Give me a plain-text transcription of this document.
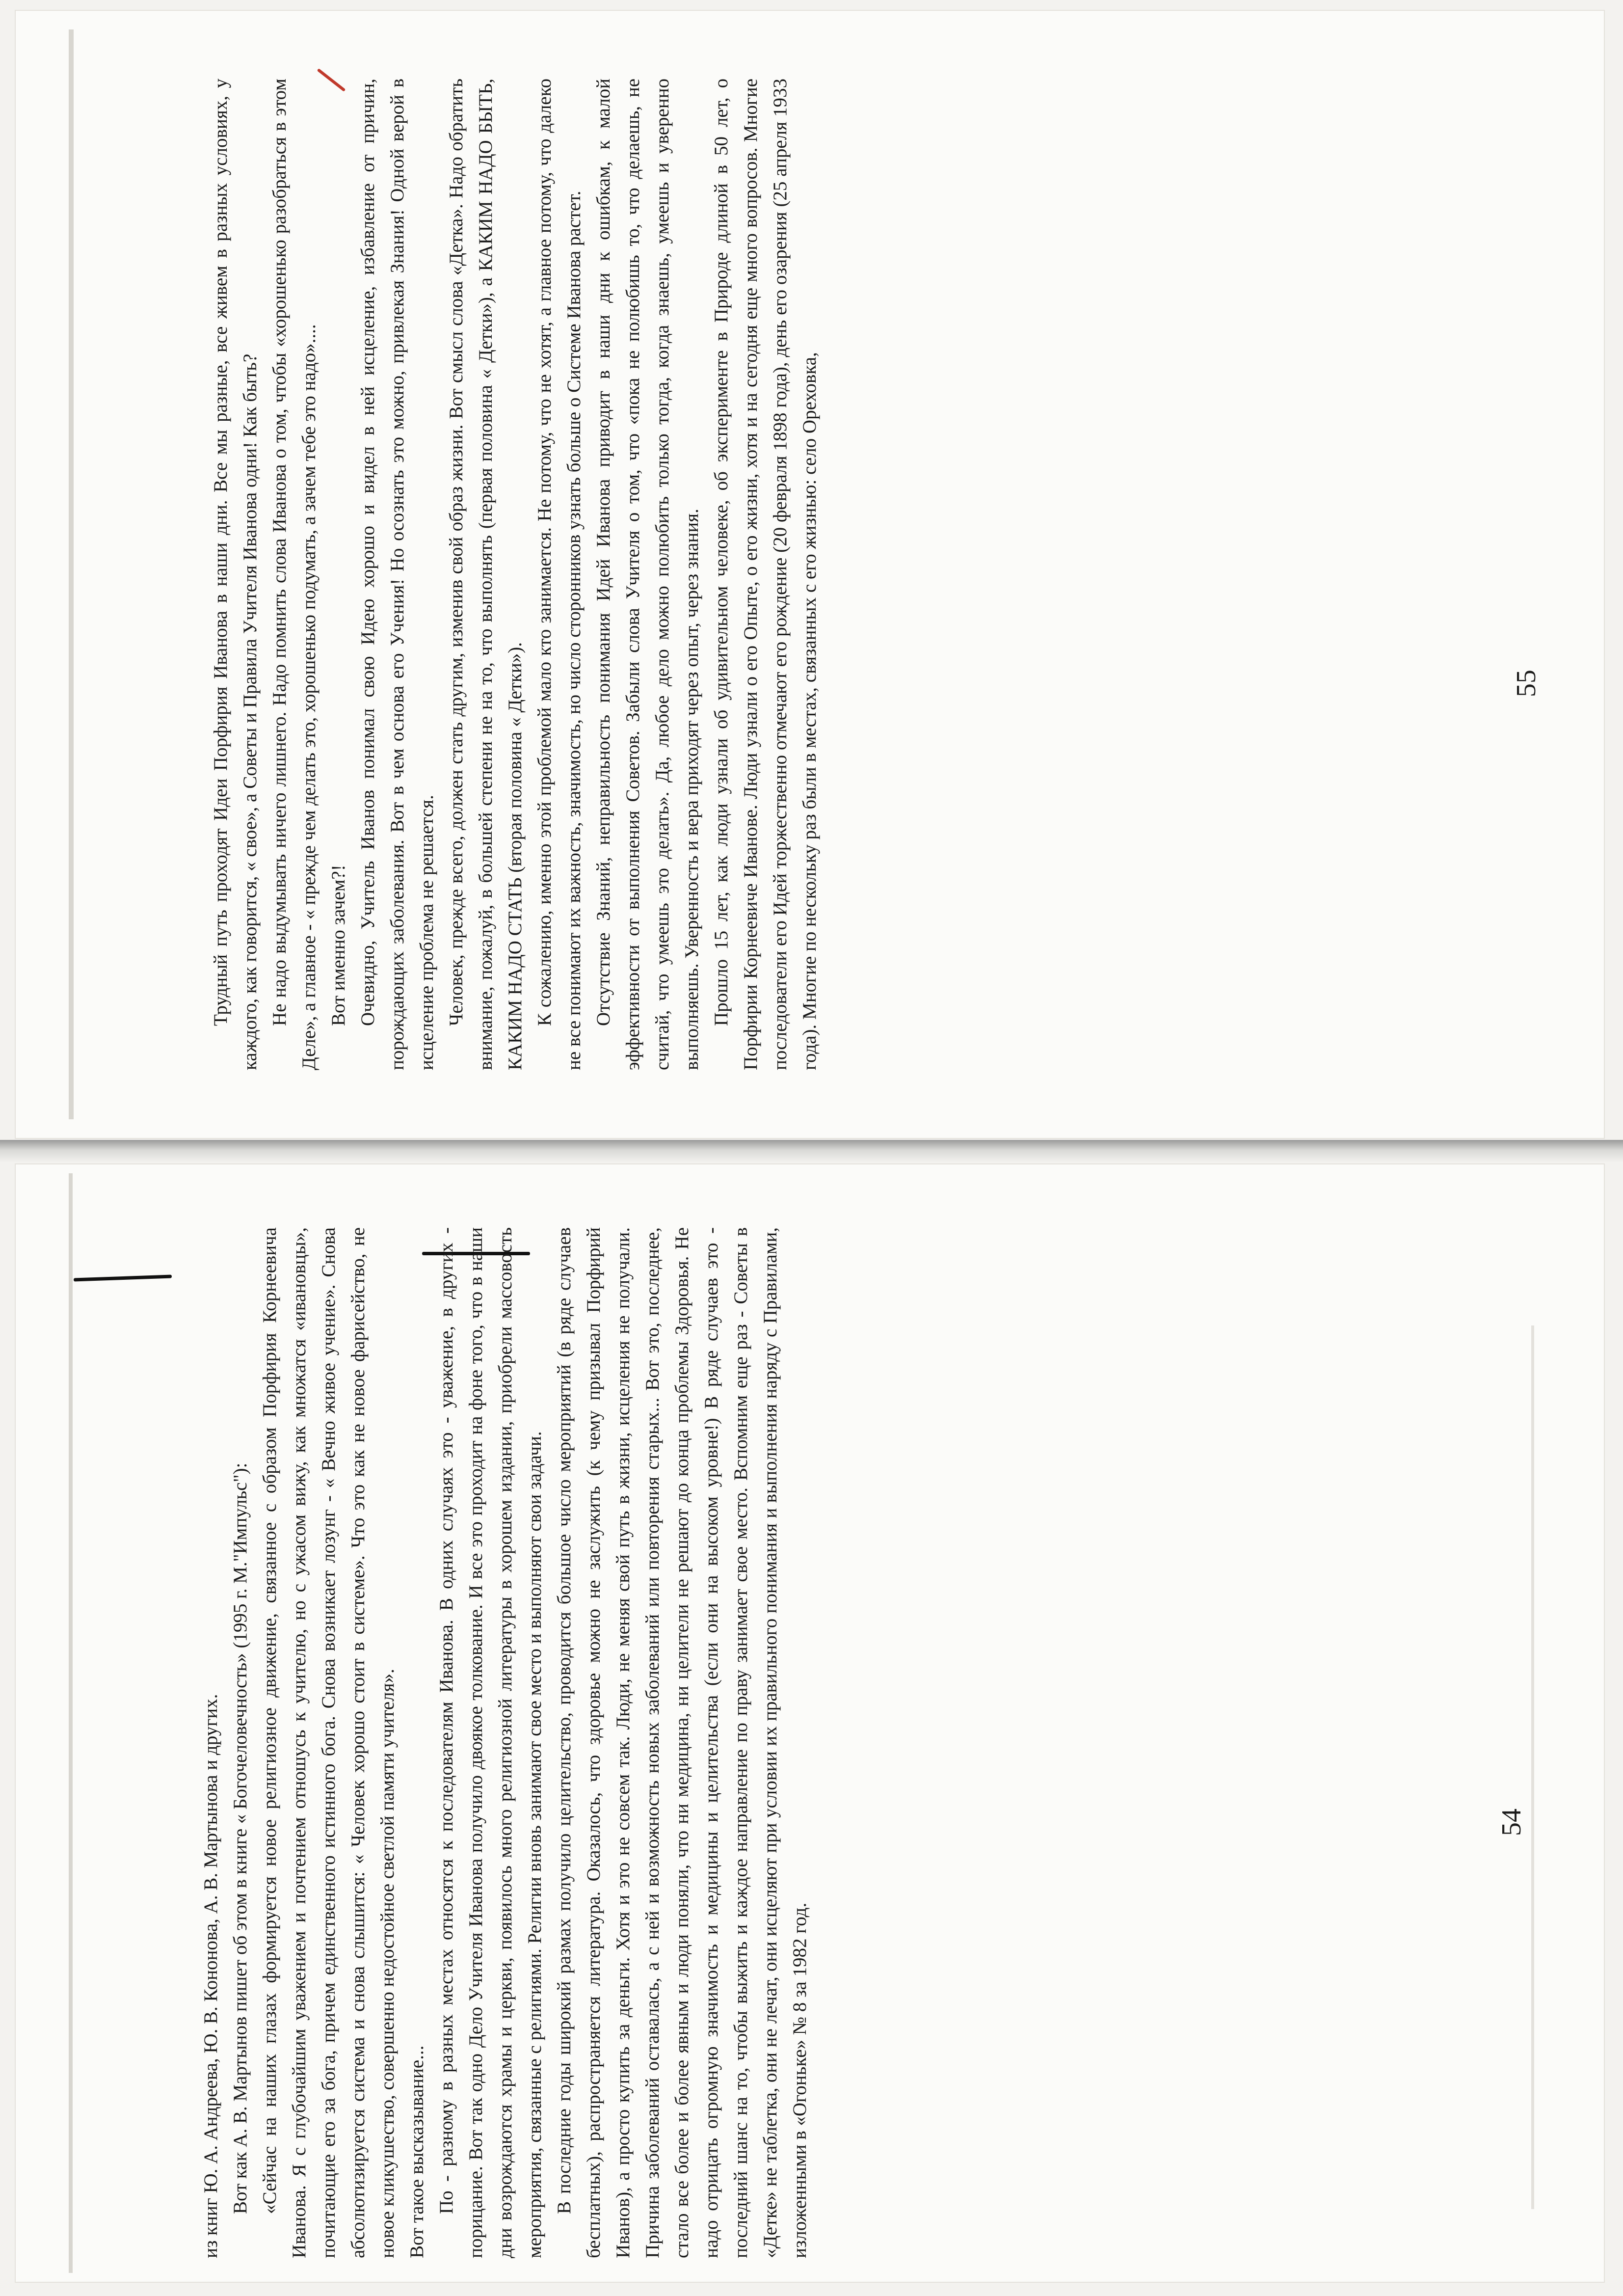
Трудный путь проходят Идеи Порфирия Иванова в наши дни. Все мы разные, все живем в разных условиях, у каждого, как говорится, « свое», а Советы и Правила Учителя Иванова одни! Как быть? Не надо выдумывать ничего лишнего. Надо помнить слова Иванова о том, чтобы «хорошенько разобраться в этом Деле», а главное - « прежде чем делать это, хорошенько подумать, а зачем тебе это надо».... Вот именно зачем?! Очевидно, Учитель Иванов понимал свою Идею хорошо и видел в ней исцеление, избавление от причин, порождающих заболевания. Вот в чем основа его Учения! Но осознать это можно, привлекая Знания! Одной верой в исцеление проблема не решается. Человек, прежде всего, должен стать другим, изменив свой образ жизни. Вот смысл слова «Детка». Надо обратить внимание, пожалуй, в большей степени не на то, что выполнять (первая половина « Детки»), а КАКИМ НАДО БЫТЬ, КАКИМ НАДО СТАТЬ (вторая половина « Детки»). К сожалению, именно этой проблемой мало кто занимается. Не потому, что не хотят, а главное потому, что далеко не все понимают их важность, значимость, но число сторонников узнать больше о Системе Иванова растет. Отсутствие Знаний, неправильность понимания Идей Иванова приводит в наши дни к ошибкам, к малой эффективности от выполнения Советов. Забыли слова Учителя о том, что «пока не полюбишь то, что делаешь, не считай, что умеешь это делать». Да, любое дело можно полюбить только тогда, когда знаешь, умеешь и уверенно выполняешь. Уверенность и вера приходят через опыт, через знания. Прошло 15 лет, как люди узнали об удивительном человеке, об эксперименте в Природе длиной в 50 лет, о Порфирии Корнеевиче Иванове. Люди узнали о его Опыте, о его жизни, хотя и на сегодня еще много вопросов. Многие последователи его Идей торжественно отмечают его рождение (20 февраля 1898 года), день его озарения (25 апреля 1933 года). Многие по нескольку раз были в местах, связанных с его жизнью: село Ореховка,	55

из книг Ю. А. Андреева, Ю. В. Кононова, А. В. Мартынова и других. Вот как А. В. Мартынов пишет об этом в книге « Богочеловечность» (1995 г. М."Импульс"): «Сейчас на наших глазах формируется новое религиозное движение, связанное с образом Порфирия Корнеевича Иванова. Я с глубочайшим уважением и почтением отношусь к учителю, но с ужасом вижу, как множатся «ивановцы», почитающие его за бога, причем единственного истинного бога. Снова возникает лозунг - « Вечно живое учение». Снова абсолютизируется система и снова слышится: « Человек хорошо стоит в системе». Что это как не новое фарисейство, не новое кликушество, совершенно недостойное светлой памяти учителя». Вот такое высказывание... По - разному в разных местах относятся к последователям Иванова. В одних случаях это - уважение, в других - порицание. Вот так одно Дело Учителя Иванова получило двоякое толкование. И все это проходит на фоне того, что в наши дни возрождаются храмы и церкви, появилось много религиозной литературы в хорошем издании, приобрели массовость мероприятия, связанные с религиями. Религии вновь занимают свое место и выполняют свои задачи. В последние годы широкий размах получило целительство, проводится большое число мероприятий (в ряде случаев бесплатных), распространяется литература. Оказалось, что здоровье можно не заслужить (к чему призывал Порфирий Иванов), а просто купить за деньги. Хотя и это не совсем так. Люди, не меняя свой путь в жизни, исцеления не получали. Причина заболеваний оставалась, а с ней и возможность новых заболеваний или повторения старых... Вот это, последнее, стало все более и более явным и люди поняли, что ни медицина, ни целители не решают до конца проблемы Здоровья. Не надо отрицать огромную значимость и медицины и целительства (если они на высоком уровне!) В ряде случаев это - последний шанс на то, чтобы выжить и каждое направление по праву занимает свое место. Вспомним еще раз - Советы в «Детке» не таблетка, они не лечат, они исцеляют при условии их правильного понимания и выполнения наряду с Правилами, изложенными в «Огоньке» № 8 за 1982 год.

54
